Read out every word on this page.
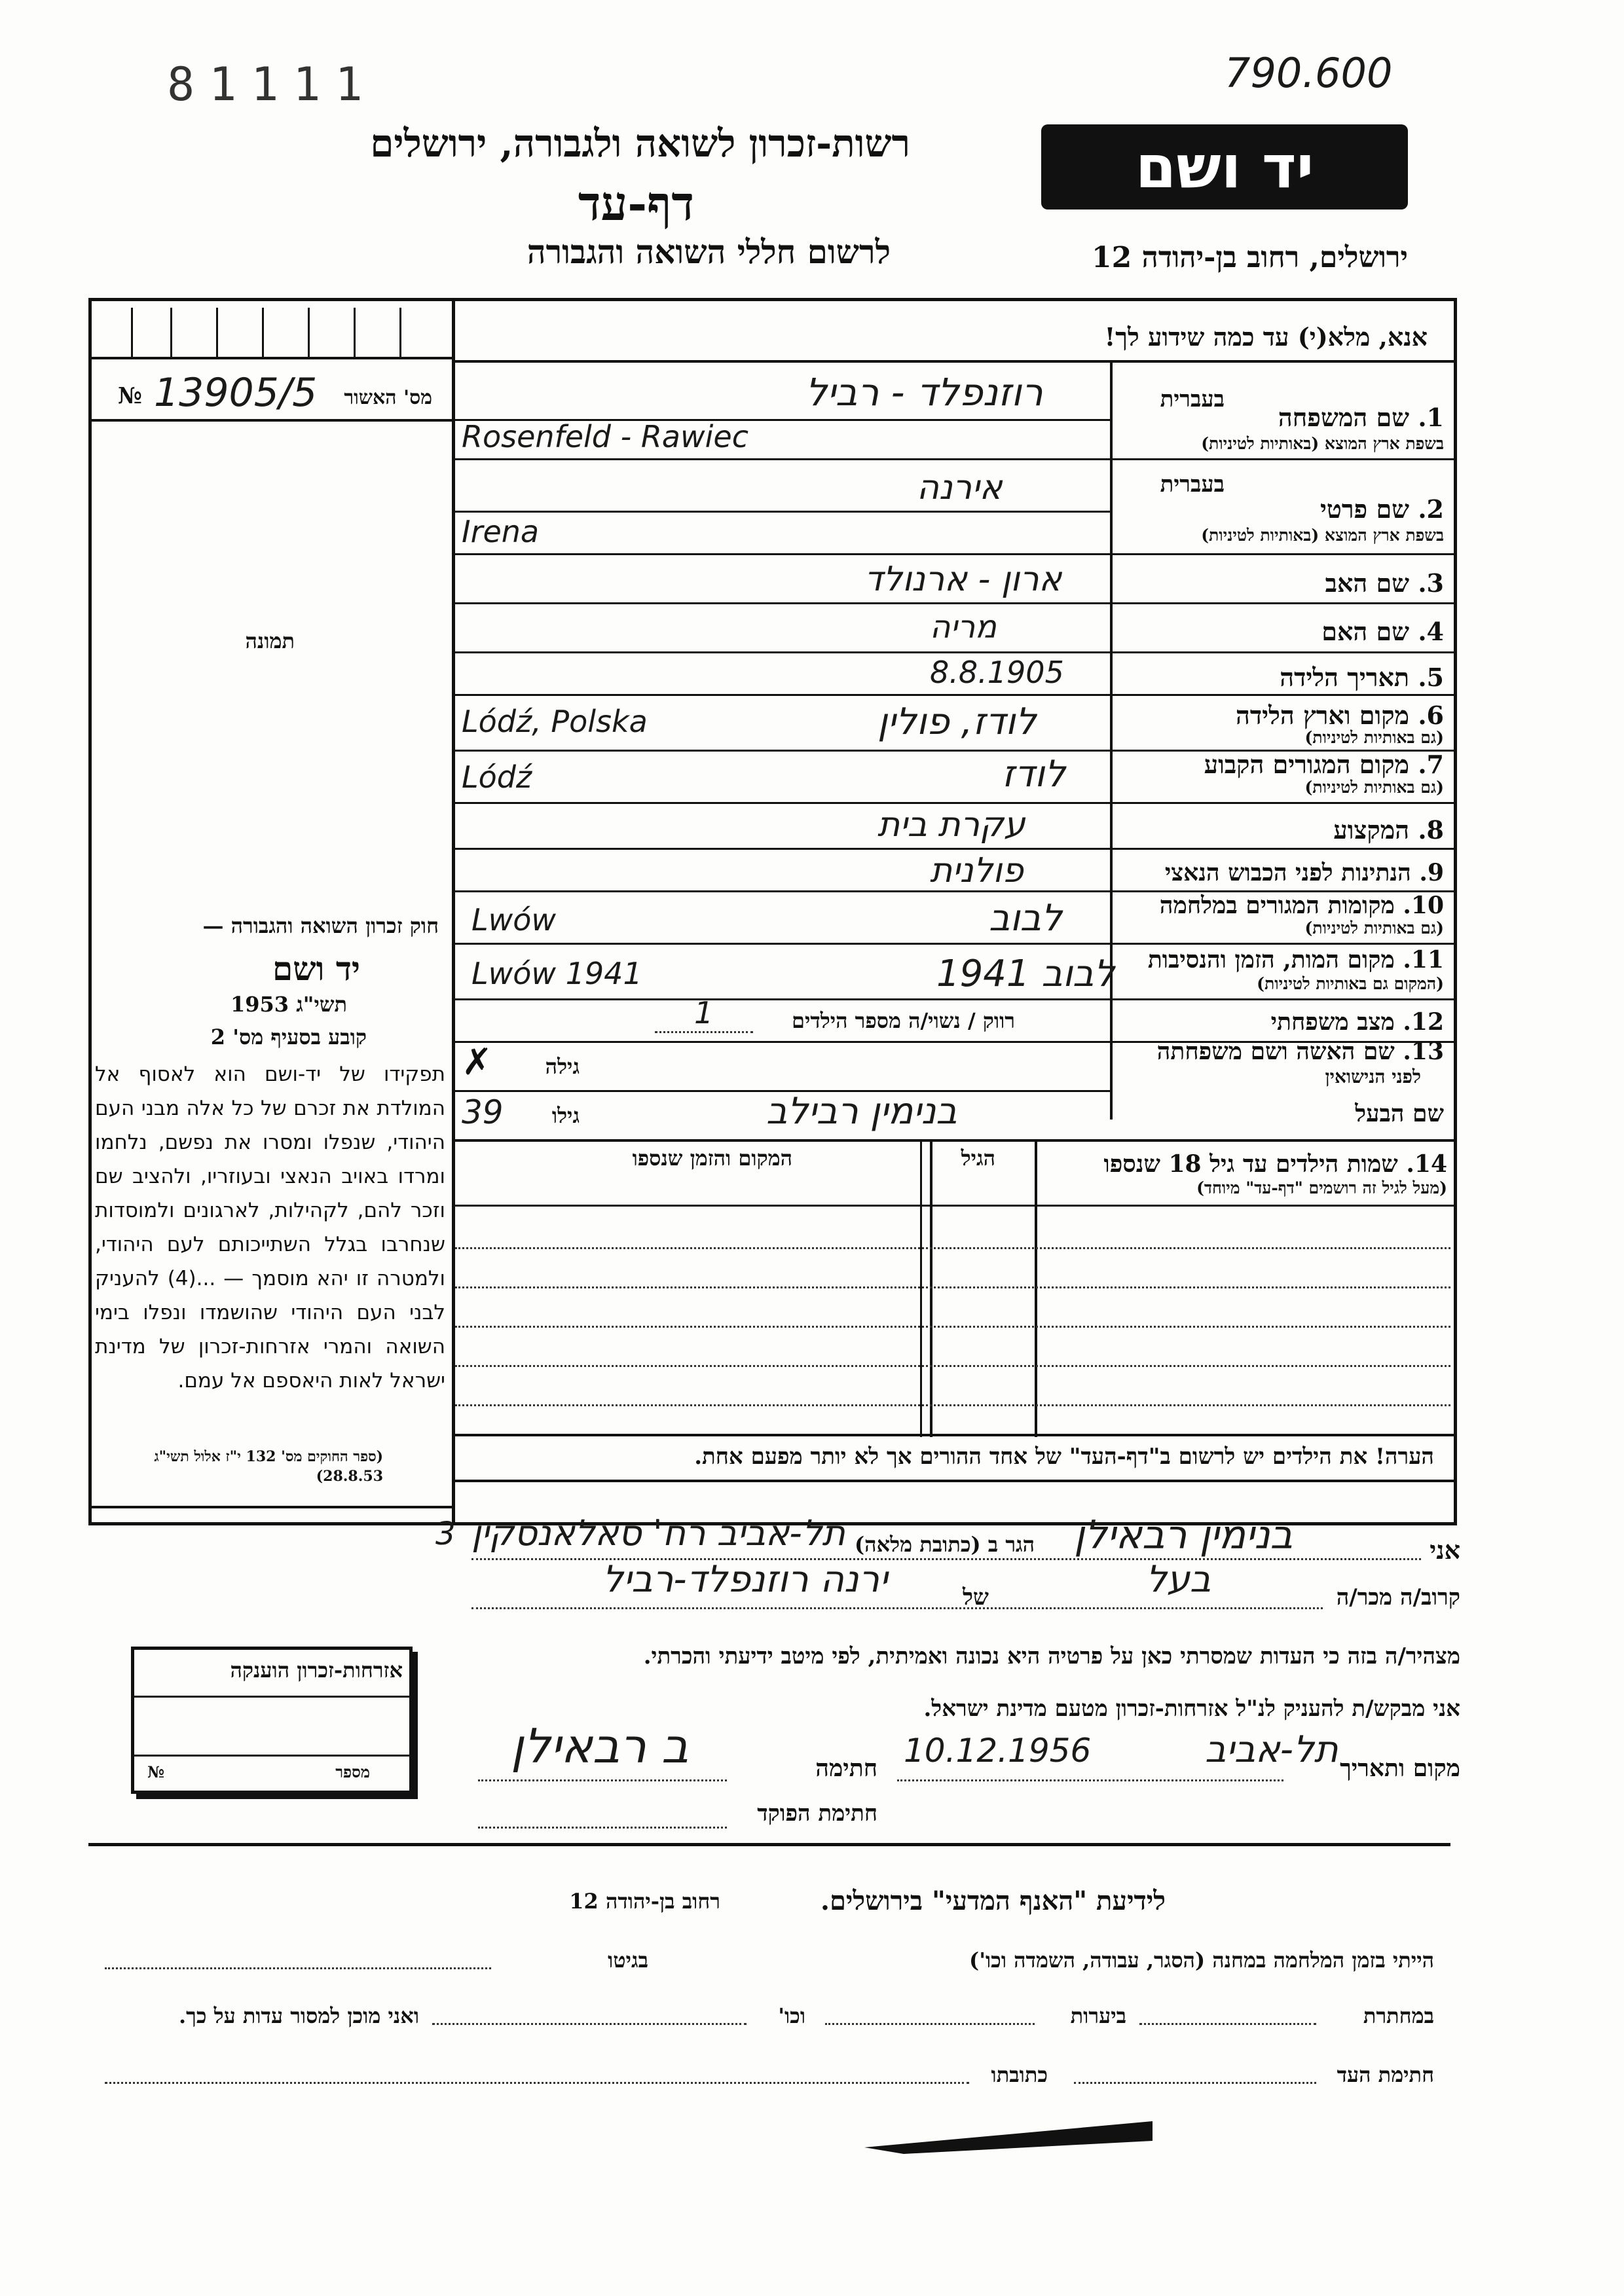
81111	790.600
רשות-זכרון לשואה ולגבורה, ירושלים
דף-עד
לרשום חללי השואה והגבורה
יד ושם
ירושלים, רחוב בן-יהודה 12
אנא, מלא(י) עד כמה שידוע לך!
מס' האשור
№ 13905/5
תמונה
בעברית
1. שם המשפחה
בשפת ארץ המוצא (באותיות לטיניות)
רוזנפלד - רביל
Rosenfeld - Rawiec
בעברית
2. שם פרטי
בשפת ארץ המוצא (באותיות לטיניות)
אירנה
Irena
3. שם האב
ארון - ארנולד
4. שם האם
מריה
5. תאריך הלידה
8.8.1905
6. מקום וארץ הלידה
(גם באותיות לטיניות)
Lódź, Polska	לודז, פולין
7. מקום המגורים הקבוע
(גם באותיות לטיניות)
Lódź	לודז
8. המקצוע
עקרת בית
9. הנתינות לפני הכבוש הנאצי
פולנית
10. מקומות המגורים במלחמה
(גם באותיות לטיניות)
Lwów	לבוב
11. מקום המות, הזמן והנסיבות
(המקום גם באותיות לטיניות)
Lwów 1941	לבוב 1941
12. מצב משפחתי
רווק / נשוי/ה מספר הילדים
1
13. שם האשה ושם משפחתה
לפני הנישואין
גילה
✗
שם הבעל
גילו
39	בנימין רבילב
14. שמות הילדים עד גיל 18 שנספו
(מעל לגיל זה רושמים "דף-עד" מיוחד)
הגיל
המקום והזמן שנספו
הערה! את הילדים יש לרשום ב"דף-העד" של אחד ההורים אך לא יותר מפעם אחת.
חוק זכרון השואה והגבורה —
יד ושם
תשי"ג 1953
קובע בסעיף מס' 2
תפקידו של יד-ושם הוא לאסוף אל המולדת את זכרם של כל אלה מבני העם היהודי, שנפלו ומסרו את נפשם, נלחמו ומרדו באויב הנאצי ובעוזריו, ולהציב שם וזכר להם, לקהילות, לארגונים ולמוסדות שנחרבו בגלל השתייכותם לעם היהודי, ולמטרה זו יהא מוסמך — ...(4) להעניק לבני העם היהודי שהושמדו ונפלו בימי השואה והמרי אזרחות-זכרון של מדינת ישראל לאות היאספם אל עמם.
(ספר החוקים מס' 132 י"ז אלול תשי"ג 28.8.53)
אני
בנימין רבאילן
הגר ב (כתובת מלאה)
תל-אביב רח' סאלאנסקין
3
קרוב/ה מכר/ה
בעל
של
ירנה רוזנפלד-רביל
מצהיר/ה בזה כי העדות שמסרתי כאן על פרטיה היא נכונה ואמיתית, לפי מיטב ידיעתי והכרתי.
אני מבקש/ת להעניק לנ"ל אזרחות-זכרון מטעם מדינת ישראל.
מקום ותאריך
תל-אביב
10.12.1956
חתימה
ב רבאילן
חתימת הפוקד
אזרחות-זכרון הוענקה
מספר
№
לידיעת "האנף המדעי" בירושלים.
רחוב בן-יהודה 12
הייתי בזמן המלחמה במחנה (הסגר, עבודה, השמדה וכו')
בגיטו
במחתרת
ביערות
וכו'
ואני מוכן למסור עדות על כך.
חתימת העד
כתובתו
